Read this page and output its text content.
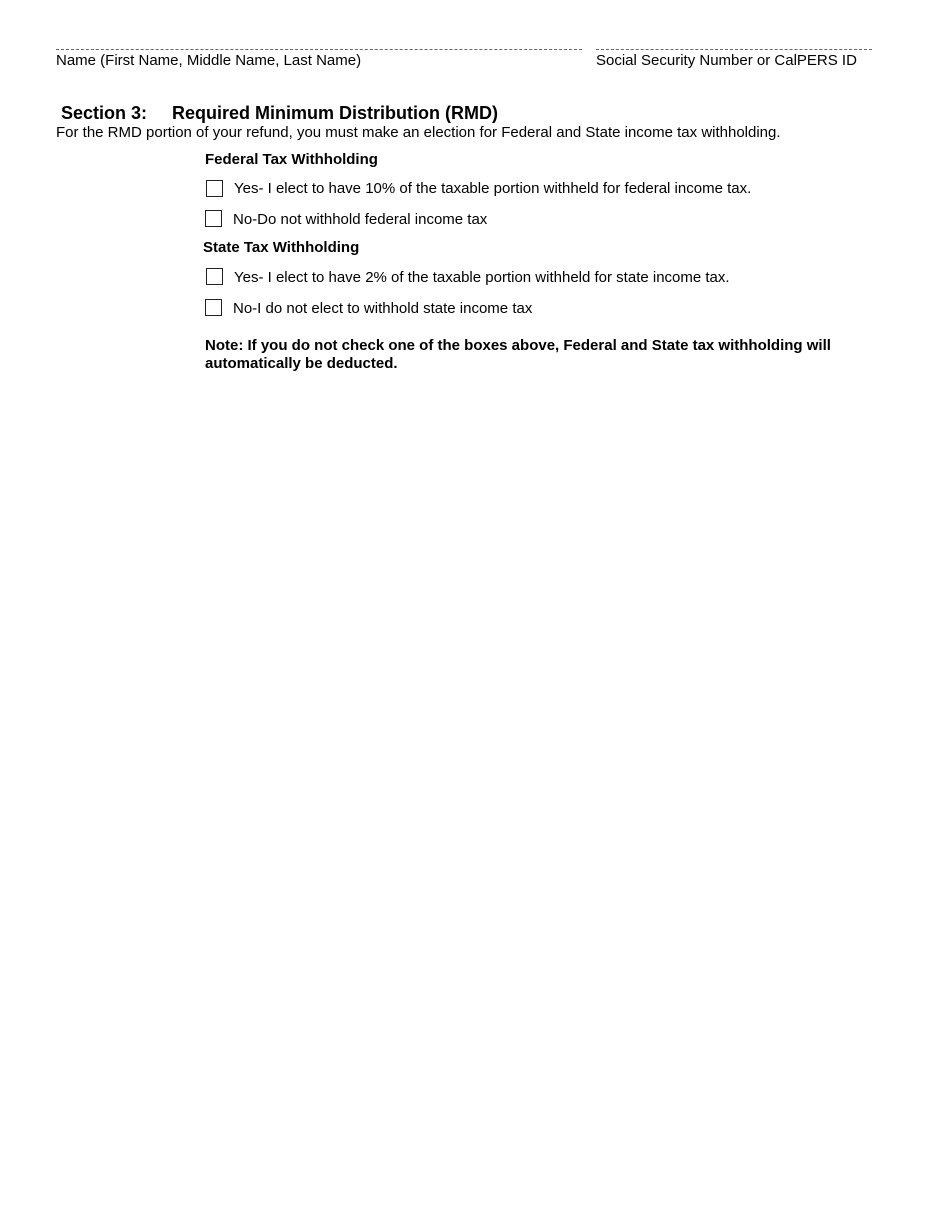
Name (First Name, Middle Name, Last Name)	Social Security Number or CalPERS ID
Section 3: Required Minimum Distribution (RMD)
For the RMD portion of your refund, you must make an election for Federal and State income tax withholding.
Federal Tax Withholding
Yes- I elect to have 10% of the taxable portion withheld for federal income tax.
No-Do not withhold federal income tax
State Tax Withholding
Yes- I elect to have 2% of the taxable portion withheld for state income tax.
No-I do not elect to withhold state income tax
Note: If you do not check one of the boxes above, Federal and State tax withholding will
automatically be deducted.
